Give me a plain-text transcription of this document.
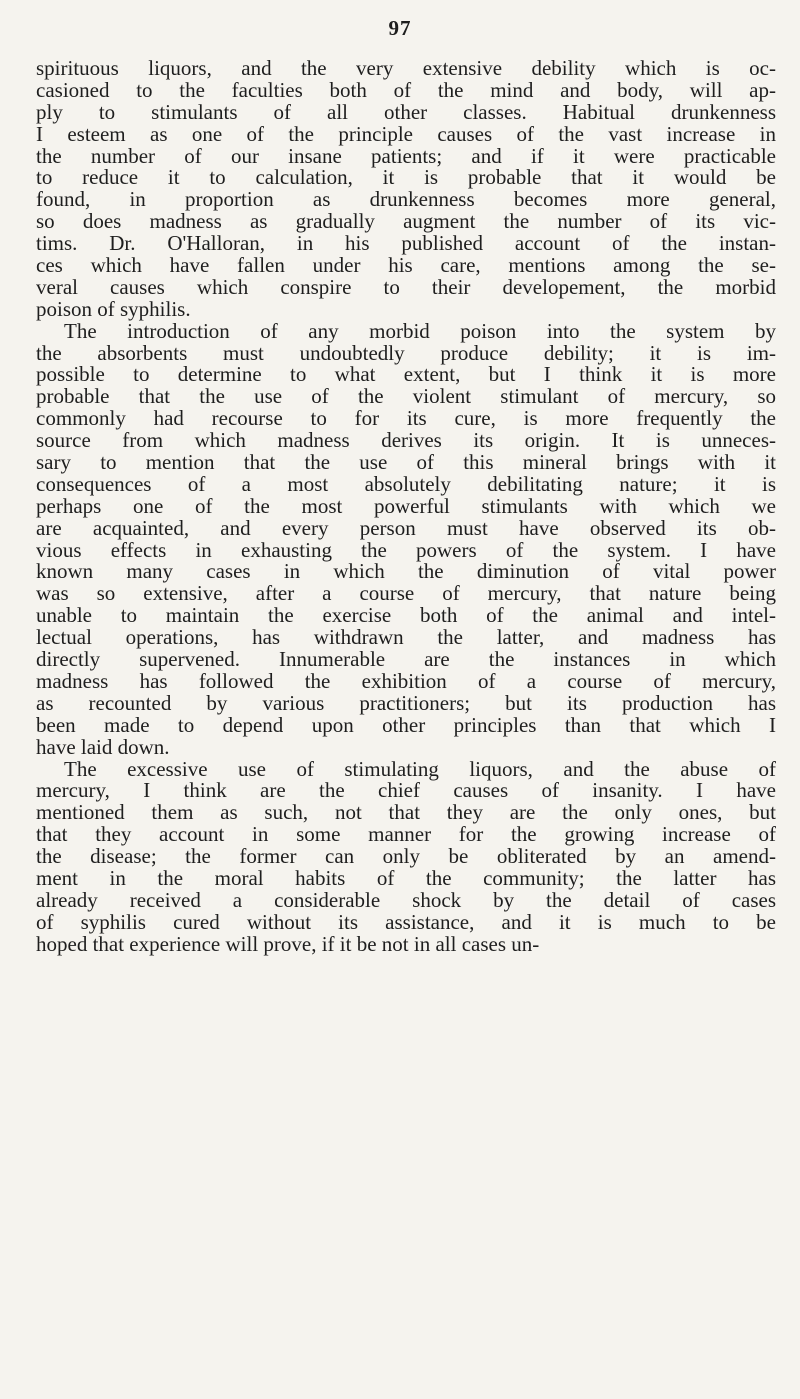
97
spirituous liquors, and the very extensive debility which is oc-
casioned to the faculties both of the mind and body, will ap-
ply to stimulants of all other classes. Habitual drunkenness
I esteem as one of the principle causes of the vast increase in
the number of our insane patients; and if it were practicable
to reduce it to calculation, it is probable that it would be
found, in proportion as drunkenness becomes more general,
so does madness as gradually augment the number of its vic-
tims. Dr. O'Halloran, in his published account of the instan-
ces which have fallen under his care, mentions among the se-
veral causes which conspire to their developement, the morbid
poison of syphilis.
The introduction of any morbid poison into the system by
the absorbents must undoubtedly produce debility; it is im-
possible to determine to what extent, but I think it is more
probable that the use of the violent stimulant of mercury, so
commonly had recourse to for its cure, is more frequently the
source from which madness derives its origin. It is unneces-
sary to mention that the use of this mineral brings with it
consequences of a most absolutely debilitating nature; it is
perhaps one of the most powerful stimulants with which we
are acquainted, and every person must have observed its ob-
vious effects in exhausting the powers of the system. I have
known many cases in which the diminution of vital power
was so extensive, after a course of mercury, that nature being
unable to maintain the exercise both of the animal and intel-
lectual operations, has withdrawn the latter, and madness has
directly supervened. Innumerable are the instances in which
madness has followed the exhibition of a course of mercury,
as recounted by various practitioners; but its production has
been made to depend upon other principles than that which I
have laid down.
The excessive use of stimulating liquors, and the abuse of
mercury, I think are the chief causes of insanity. I have
mentioned them as such, not that they are the only ones, but
that they account in some manner for the growing increase of
the disease; the former can only be obliterated by an amend-
ment in the moral habits of the community; the latter has
already received a considerable shock by the detail of cases
of syphilis cured without its assistance, and it is much to be
hoped that experience will prove, if it be not in all cases un-
